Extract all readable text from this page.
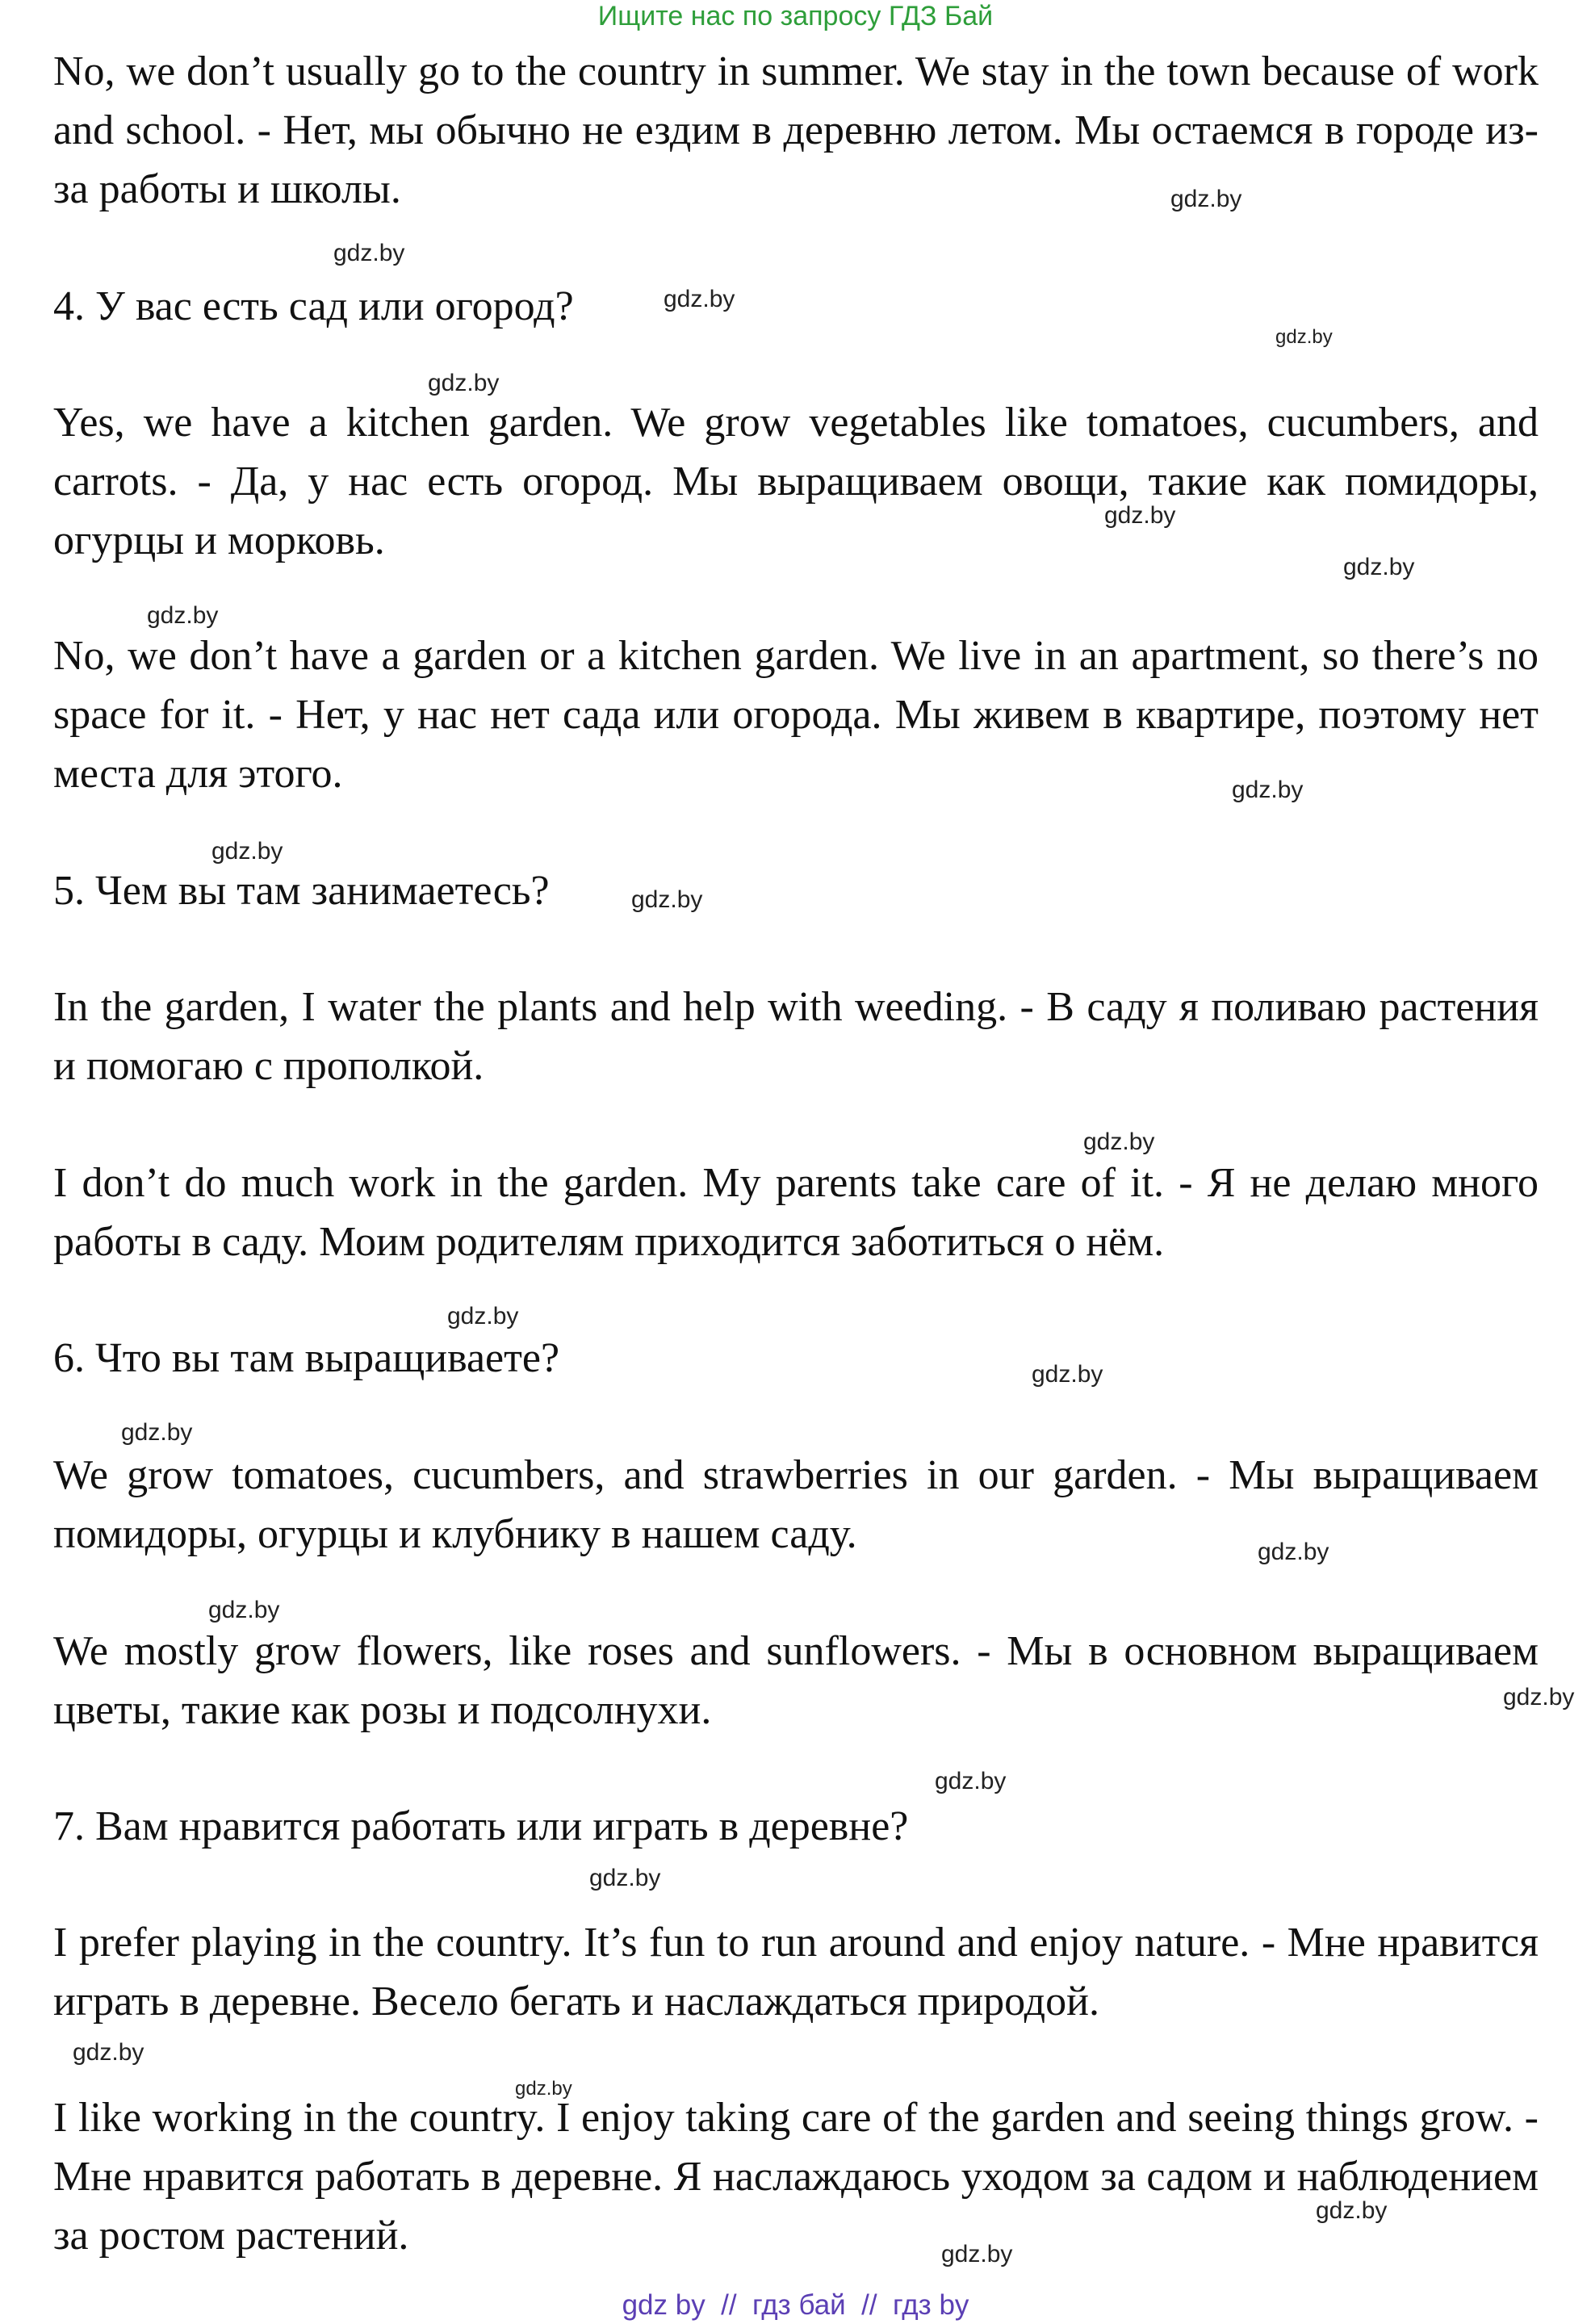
Ищите нас по запросу ГДЗ Бай

No, we don’t usually go to the country in summer. We stay in the town because of work and school. - Нет, мы обычно не ездим в деревню летом. Мы остаемся в городе из-за работы и школы.

4. У вас есть сад или огород?

Yes, we have a kitchen garden. We grow vegetables like tomatoes, cucumbers, and carrots. - Да, у нас есть огород. Мы выращиваем овощи, такие как помидоры, огурцы и морковь.

No, we don’t have a garden or a kitchen garden. We live in an apartment, so there’s no space for it. - Нет, у нас нет сада или огорода. Мы живем в квартире, поэтому нет места для этого.

5. Чем вы там занимаетесь?

In the garden, I water the plants and help with weeding. - В саду я поливаю растения и помогаю с прополкой.

I don’t do much work in the garden. My parents take care of it. - Я не делаю много работы в саду. Моим родителям приходится заботиться о нём.

6. Что вы там выращиваете?

We grow tomatoes, cucumbers, and strawberries in our garden. - Мы выращиваем помидоры, огурцы и клубнику в нашем саду.

We mostly grow flowers, like roses and sunflowers. - Мы в основном выращиваем цветы, такие как розы и подсолнухи.

7. Вам нравится работать или играть в деревне?

I prefer playing in the country. It’s fun to run around and enjoy nature. - Мне нравится играть в деревне. Весело бегать и наслаждаться природой.

I like working in the country. I enjoy taking care of the garden and seeing things grow. - Мне нравится работать в деревне. Я наслаждаюсь уходом за садом и наблюдением за ростом растений.

gdz.by
gdz.by
gdz.by
gdz.by
gdz.by
gdz.by
gdz.by
gdz.by
gdz.by
gdz.by
gdz.by
gdz.by
gdz.by
gdz.by
gdz.by
gdz.by
gdz.by
gdz.by
gdz.by
gdz.by
gdz.by
gdz.by
gdz.by
gdz.by
gdz by  //  гдз бай  //  гдз by
